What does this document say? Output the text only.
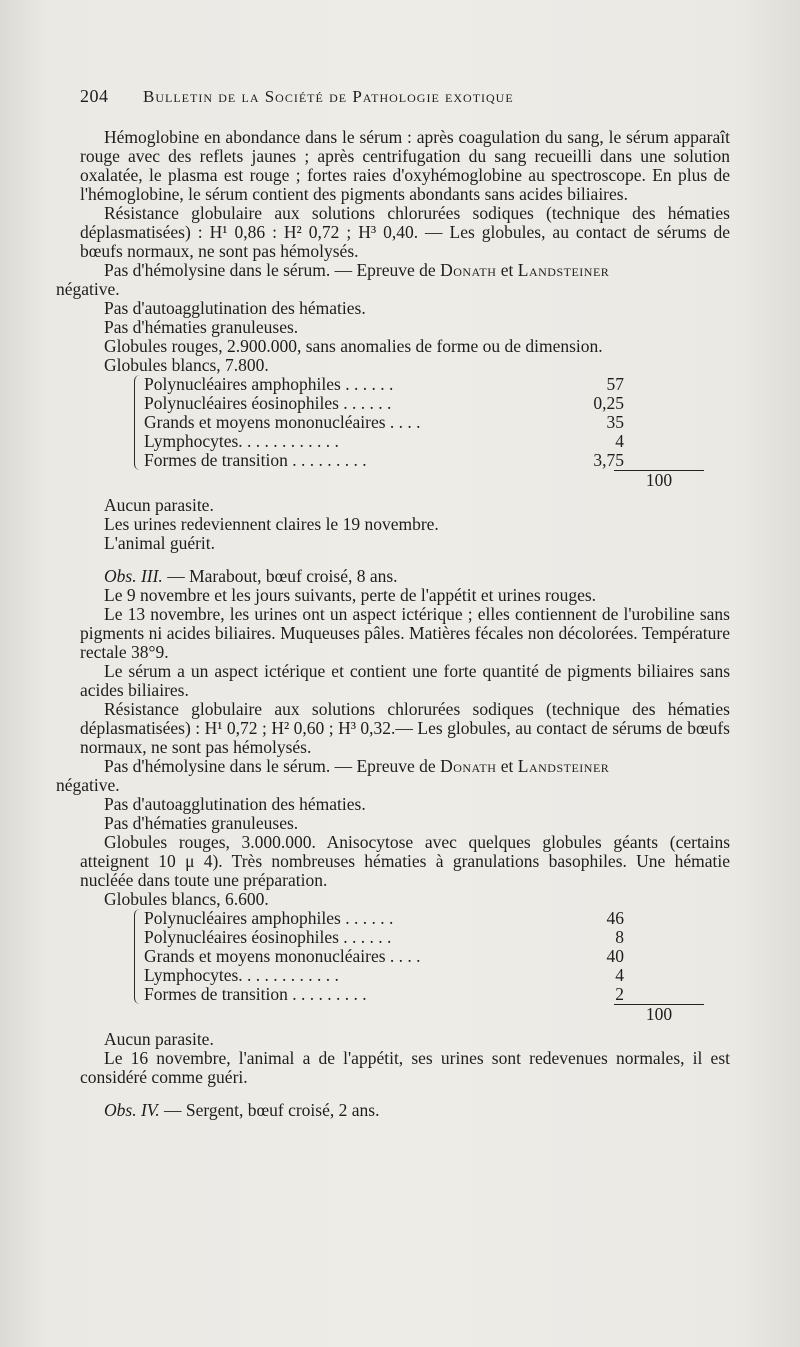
204 Bulletin de la Société de Pathologie exotique

Hémoglobine en abondance dans le sérum : après coagulation du sang, le sérum apparaît rouge avec des reflets jaunes ; après centrifugation du sang recueilli dans une solution oxalatée, le plasma est rouge ; fortes raies d'oxyhémoglobine au spectroscope. En plus de l'hémoglobine, le sérum contient des pigments abondants sans acides biliaires.

Résistance globulaire aux solutions chlorurées sodiques (technique des hématies déplasmatisées) : H¹ 0,86 : H² 0,72 ; H³ 0,40. — Les globules, au contact de sérums de bœufs normaux, ne sont pas hémolysés.

Pas d'hémolysine dans le sérum. — Epreuve de Donath et Landsteiner
négative.

Pas d'autoagglutination des hématies.

Pas d'hématies granuleuses.

Globules rouges, 2.900.000, sans anomalies de forme ou de dimension.

Globules blancs, 7.800.

Polynucléaires amphophiles . . . . . .	57
Polynucléaires éosinophiles . . . . . .	0,25
Grands et moyens mononucléaires . . . .	35
Lymphocytes. . . . . . . . . . . .	4
Formes de transition . . . . . . . . .	3,75
100

Aucun parasite.

Les urines redeviennent claires le 19 novembre.

L'animal guérit.

Obs. III. — Marabout, bœuf croisé, 8 ans.

Le 9 novembre et les jours suivants, perte de l'appétit et urines rouges.

Le 13 novembre, les urines ont un aspect ictérique ; elles contiennent de l'urobiline sans pigments ni acides biliaires. Muqueuses pâles. Matières fécales non décolorées. Température rectale 38°9.

Le sérum a un aspect ictérique et contient une forte quantité de pigments biliaires sans acides biliaires.

Résistance globulaire aux solutions chlorurées sodiques (technique des hématies déplasmatisées) : H¹ 0,72 ; H² 0,60 ; H³ 0,32.— Les globules, au contact de sérums de bœufs normaux, ne sont pas hémolysés.

Pas d'hémolysine dans le sérum. — Epreuve de Donath et Landsteiner
négative.

Pas d'autoagglutination des hématies.

Pas d'hématies granuleuses.

Globules rouges, 3.000.000. Anisocytose avec quelques globules géants (certains atteignent 10 μ 4). Très nombreuses hématies à granulations basophiles. Une hématie nucléée dans toute une préparation.

Globules blancs, 6.600.

Polynucléaires amphophiles . . . . . .	46
Polynucléaires éosinophiles . . . . . .	8
Grands et moyens mononucléaires . . . .	40
Lymphocytes. . . . . . . . . . . .	4
Formes de transition . . . . . . . . .	2
100

Aucun parasite.

Le 16 novembre, l'animal a de l'appétit, ses urines sont redevenues normales, il est considéré comme guéri.

Obs. IV. — Sergent, bœuf croisé, 2 ans.
